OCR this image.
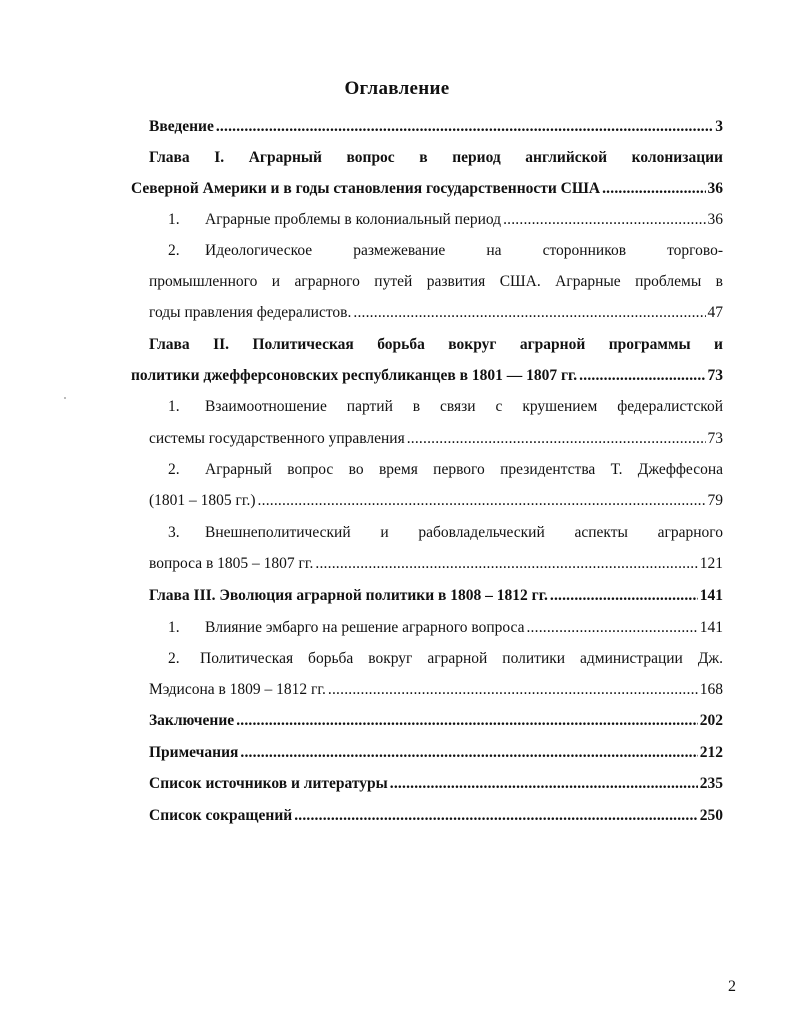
Оглавление
Введение .....	3
Глава I. Аграрный вопрос в период английской колонизации
Северной Америки и в годы становления государственности США .....	36
1.	Аграрные проблемы в колониальный период .....	36
2.	Идеологическое размежевание на сторонников торгово-
промышленного и аграрного путей развития США. Аграрные проблемы в
годы правления федералистов. .....	47
Глава II. Политическая борьба вокруг аграрной программы и
политики джефферсоновских республиканцев в 1801 — 1807 гг. .....	73
1.	Взаимоотношение партий в связи с крушением федералистской
системы государственного управления .....	73
2.	Аграрный вопрос во время первого президентства Т. Джеффесона
(1801 – 1805 гг.) .....	79
3.	Внешнеполитический и рабовладельческий аспекты аграрного
вопроса в 1805 – 1807 гг. .....	121
Глава III. Эволюция аграрной политики в 1808 – 1812 гг. .....	141
1.	Влияние эмбарго на решение аграрного вопроса .....	141
2.	Политическая борьба вокруг аграрной политики администрации Дж.
Мэдисона в 1809 – 1812 гг. .....	168
Заключение .....	202
Примечания .....	212
Список источников и литературы .....	235
Список сокращений .....	250
2
